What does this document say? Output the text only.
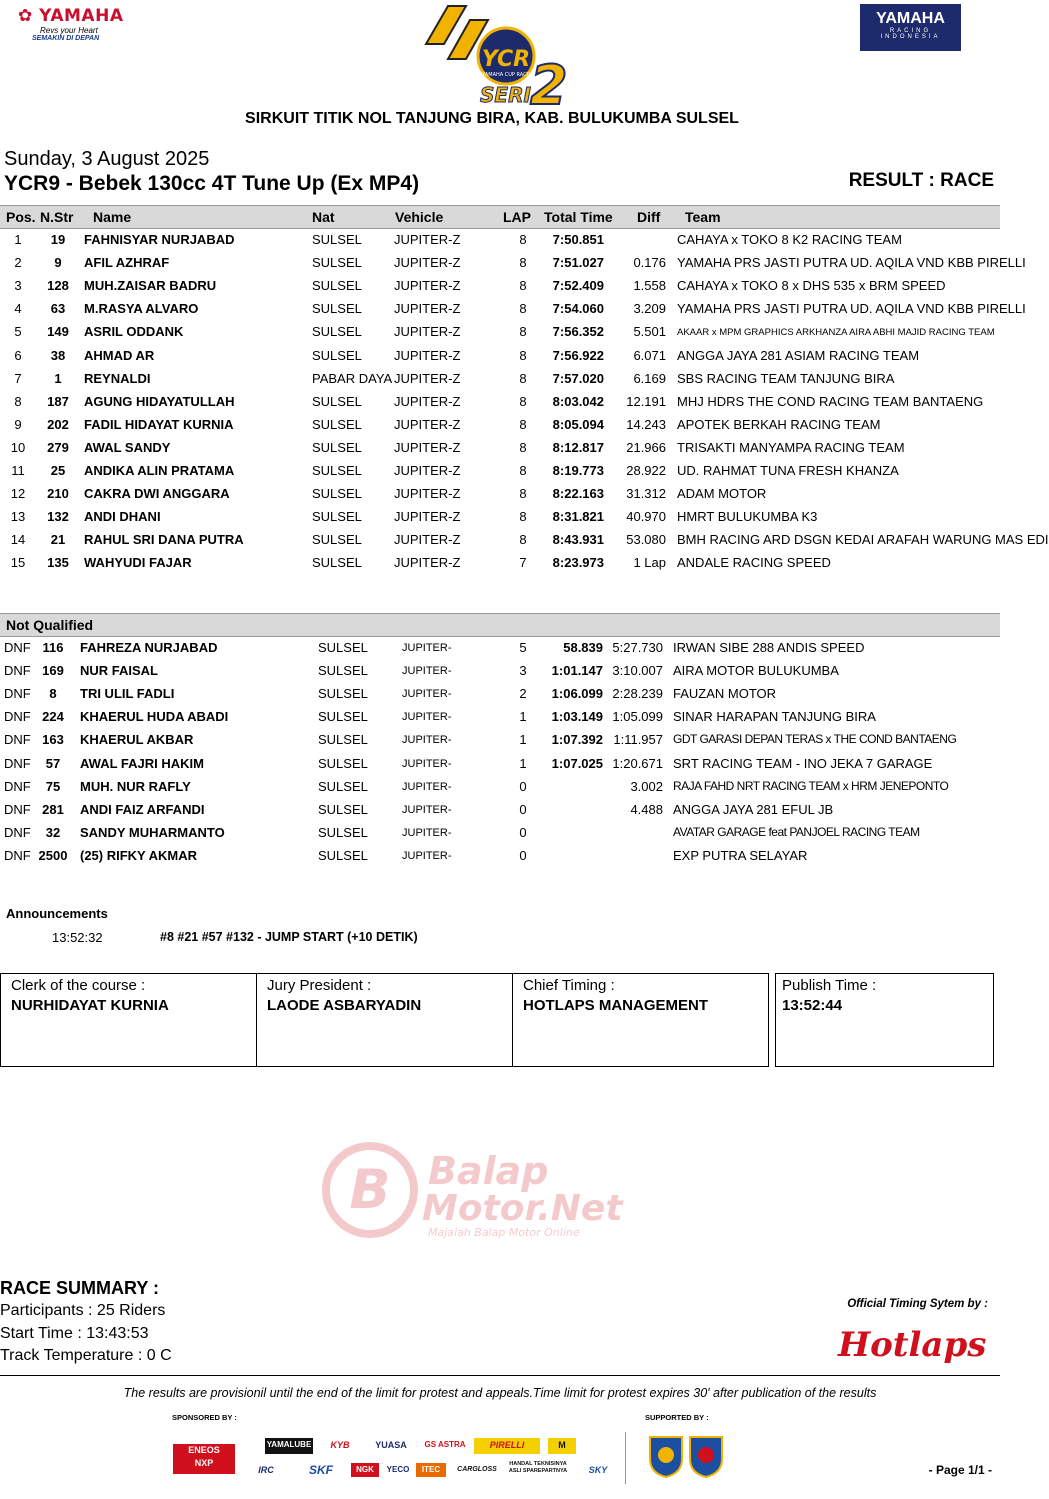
✿ YAMAHA
Revs your Heart
SEMAKIN DI DEPAN
YCR
YAMAHA CUP RACE
SERI 2
YAMAHA
RACING
INDONESIA
SIRKUIT TITIK NOL TANJUNG BIRA, KAB. BULUKUMBA SULSEL
Sunday, 3 August 2025
YCR9 - Bebek 130cc 4T Tune Up (Ex MP4)	RESULT : RACE
Pos. N.Str Name	Nat	Vehicle	LAP Total Time Diff Team
1	19	FAHNISYAR NURJABAD	SULSEL JUPITER-Z	8	7:50.851	CAHAYA x TOKO 8 K2 RACING TEAM
2	9	AFIL AZHRAF	SULSEL JUPITER-Z	8	7:51.027	0.176 YAMAHA PRS JASTI PUTRA UD. AQILA VND KBB PIRELLI
3	128	MUH.ZAISAR BADRU	SULSEL JUPITER-Z	8	7:52.409	1.558 CAHAYA x TOKO 8 x DHS 535 x BRM SPEED
4	63	M.RASYA ALVARO	SULSEL JUPITER-Z	8	7:54.060	3.209 YAMAHA PRS JASTI PUTRA UD. AQILA VND KBB PIRELLI
5	149	ASRIL ODDANK	SULSEL JUPITER-Z	8	7:56.352	5.501 AKAAR x MPM GRAPHICS ARKHANZA AIRA ABHI MAJID RACING TEAM
6	38	AHMAD AR	SULSEL JUPITER-Z	8	7:56.922	6.071 ANGGA JAYA 281 ASIAM RACING TEAM
7	1	REYNALDI	PABAR DAYA JUPITER-Z	8	7:57.020	6.169 SBS RACING TEAM TANJUNG BIRA
8	187	AGUNG HIDAYATULLAH	SULSEL JUPITER-Z	8	8:03.042	12.191 MHJ HDRS THE COND RACING TEAM BANTAENG
9	202	FADIL HIDAYAT KURNIA	SULSEL JUPITER-Z	8	8:05.094	14.243 APOTEK BERKAH RACING TEAM
10	279	AWAL SANDY	SULSEL JUPITER-Z	8	8:12.817	21.966 TRISAKTI MANYAMPA RACING TEAM
11	25	ANDIKA ALIN PRATAMA	SULSEL JUPITER-Z	8	8:19.773	28.922 UD. RAHMAT TUNA FRESH KHANZA
12	210	CAKRA DWI ANGGARA	SULSEL JUPITER-Z	8	8:22.163	31.312 ADAM MOTOR
13	132	ANDI DHANI	SULSEL JUPITER-Z	8	8:31.821	40.970 HMRT BULUKUMBA K3
14	21	RAHUL SRI DANA PUTRA	SULSEL JUPITER-Z	8	8:43.931	53.080 BMH RACING ARD DSGN KEDAI ARAFAH WARUNG MAS EDI
15	135	WAHYUDI FAJAR	SULSEL JUPITER-Z	7	8:23.973	1 Lap ANDALE RACING SPEED
Not Qualified
DNF 116	FAHREZA NURJABAD	SULSEL	JUPITER-	5	58.839 5:27.730 IRWAN SIBE 288 ANDIS SPEED
DNF 169	NUR FAISAL	SULSEL	JUPITER-	3	1:01.147 3:10.007 AIRA MOTOR BULUKUMBA
DNF	8	TRI ULIL FADLI	SULSEL	JUPITER-	2	1:06.099 2:28.239 FAUZAN MOTOR
DNF 224	KHAERUL HUDA ABADI	SULSEL	JUPITER-	1	1:03.149 1:05.099 SINAR HARAPAN TANJUNG BIRA
DNF 163	KHAERUL AKBAR	SULSEL	JUPITER-	1	1:07.392 1:11.957 GDT GARASI DEPAN TERAS x THE COND BANTAENG
DNF	57	AWAL FAJRI HAKIM	SULSEL	JUPITER-	1	1:07.025 1:20.671 SRT RACING TEAM - INO JEKA 7 GARAGE
DNF	75	MUH. NUR RAFLY	SULSEL	JUPITER-	0	3.002 RAJA FAHD NRT RACING TEAM x HRM JENEPONTO
DNF 281	ANDI FAIZ ARFANDI	SULSEL	JUPITER-	0	4.488 ANGGA JAYA 281 EFUL JB
DNF	32	SANDY MUHARMANTO	SULSEL	JUPITER-	0	AVATAR GARAGE feat PANJOEL RACING TEAM
DNF 2500 (25) RIFKY AKMAR	SULSEL	JUPITER-	0	EXP PUTRA SELAYAR
Announcements
13:52:32	#8 #21 #57 #132 - JUMP START (+10 DETIK)
Clerk of the course :
NURHIDAYAT KURNIA
Jury President :
LAODE ASBARYADIN
Chief Timing :
HOTLAPS MANAGEMENT
Publish Time :
13:52:44
B Balap
Motor.Net
Majalah Balap Motor Online
RACE SUMMARY :
Participants : 25 Riders
Start Time : 13:43:53
Track Temperature : 0 C
Official Timing Sytem by :
Hotlaps
The results are provisionil until the end of the limit for protest and appeals.Time limit for protest expires 30' after publication of the results
SPONSORED BY :	SUPPORTED BY :
ENEOS
NXP
YAMALUBE	KYB	YUASA	GS ASTRA	PIRELLI	M
IRC	SKF	NGK	YECO	ITEC	CARGLOSS
HANDAL TEKNISINYA ASLI SPAREPARTNYA	SKY	- Page 1/1 -
